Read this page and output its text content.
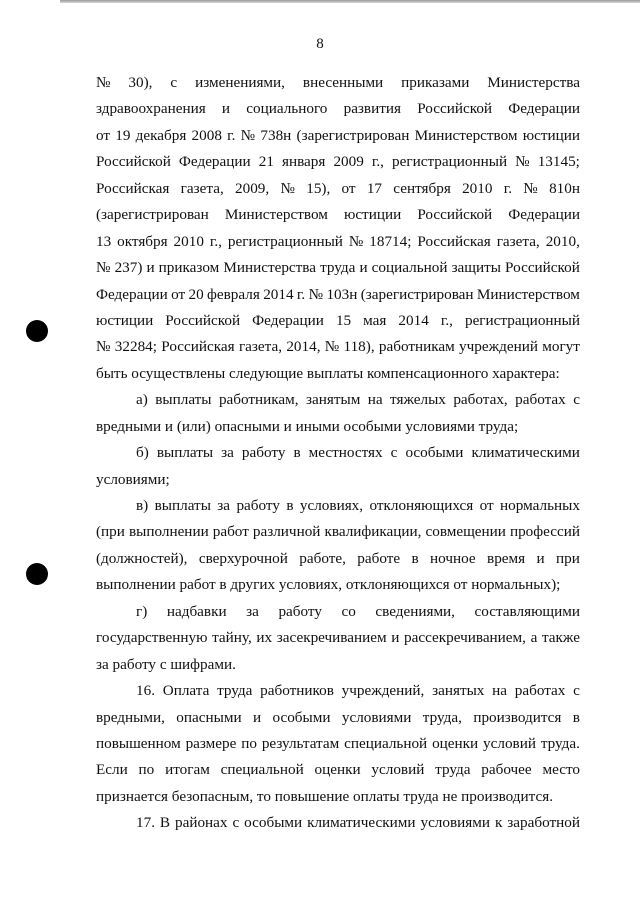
8
№ 30), с изменениями, внесенными приказами Министерства
здравоохранения и социального развития Российской Федерации
от 19 декабря 2008 г. № 738н (зарегистрирован Министерством юстиции
Российской Федерации 21 января 2009 г., регистрационный № 13145;
Российская газета, 2009, № 15), от 17 сентября 2010 г. № 810н
(зарегистрирован Министерством юстиции Российской Федерации
13 октября 2010 г., регистрационный № 18714; Российская газета, 2010,
№ 237) и приказом Министерства труда и социальной защиты Российской
Федерации от 20 февраля 2014 г. № 103н (зарегистрирован Министерством
юстиции Российской Федерации 15 мая 2014 г., регистрационный
№ 32284; Российская газета, 2014, № 118), работникам учреждений могут
быть осуществлены следующие выплаты компенсационного характера:
а) выплаты работникам, занятым на тяжелых работах, работах с
вредными и (или) опасными и иными особыми условиями труда;
б) выплаты за работу в местностях с особыми климатическими
условиями;
в) выплаты за работу в условиях, отклоняющихся от нормальных
(при выполнении работ различной квалификации, совмещении профессий
(должностей), сверхурочной работе, работе в ночное время и при
выполнении работ в других условиях, отклоняющихся от нормальных);
г) надбавки за работу со сведениями, составляющими
государственную тайну, их засекречиванием и рассекречиванием, а также
за работу с шифрами.
16. Оплата труда работников учреждений, занятых на работах с
вредными, опасными и особыми условиями труда, производится в
повышенном размере по результатам специальной оценки условий труда.
Если по итогам специальной оценки условий труда рабочее место
признается безопасным, то повышение оплаты труда не производится.
17. В районах с особыми климатическими условиями к заработной
